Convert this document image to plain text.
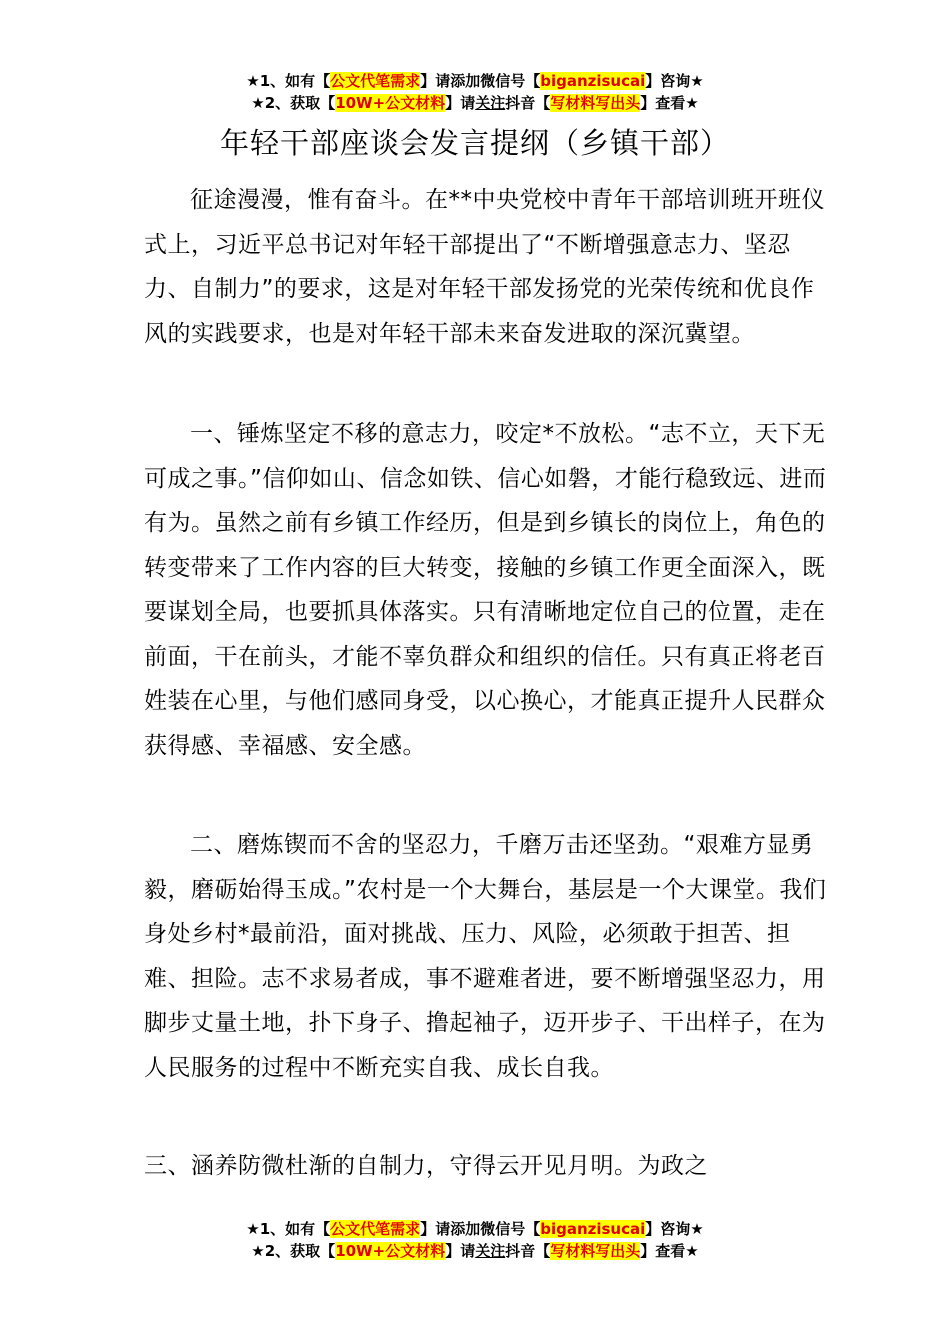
★1、如有【公文代笔需求】请添加微信号【biganzisucai】咨询★
★2、获取【10W+公文材料】请关注抖音【写材料写出头】查看★
年轻干部座谈会发言提纲（乡镇干部）

征途漫漫，惟有奋斗。在**中央党校中青年干部培训班开班仪式上，习近平总书记对年轻干部提出了“不断增强意志力、坚忍力、自制力”的要求，这是对年轻干部发扬党的光荣传统和优良作风的实践要求，也是对年轻干部未来奋发进取的深沉冀望。

一、锤炼坚定不移的意志力，咬定*不放松。“志不立，天下无可成之事。”信仰如山、信念如铁、信心如磐，才能行稳致远、进而有为。虽然之前有乡镇工作经历，但是到乡镇长的岗位上，角色的转变带来了工作内容的巨大转变，接触的乡镇工作更全面深入，既要谋划全局，也要抓具体落实。只有清晰地定位自己的位置，走在前面，干在前头，才能不辜负群众和组织的信任。只有真正将老百姓装在心里，与他们感同身受，以心换心，才能真正提升人民群众获得感、幸福感、安全感。

二、磨炼锲而不舍的坚忍力，千磨万击还坚劲。“艰难方显勇毅，磨砺始得玉成。”农村是一个大舞台，基层是一个大课堂。我们身处乡村*最前沿，面对挑战、压力、风险，必须敢于担苦、担难、担险。志不求易者成，事不避难者进，要不断增强坚忍力，用脚步丈量土地，扑下身子、撸起袖子，迈开步子、干出样子，在为人民服务的过程中不断充实自我、成长自我。

三、涵养防微杜渐的自制力，守得云开见月明。为政之

★1、如有【公文代笔需求】请添加微信号【biganzisucai】咨询★
★2、获取【10W+公文材料】请关注抖音【写材料写出头】查看★
